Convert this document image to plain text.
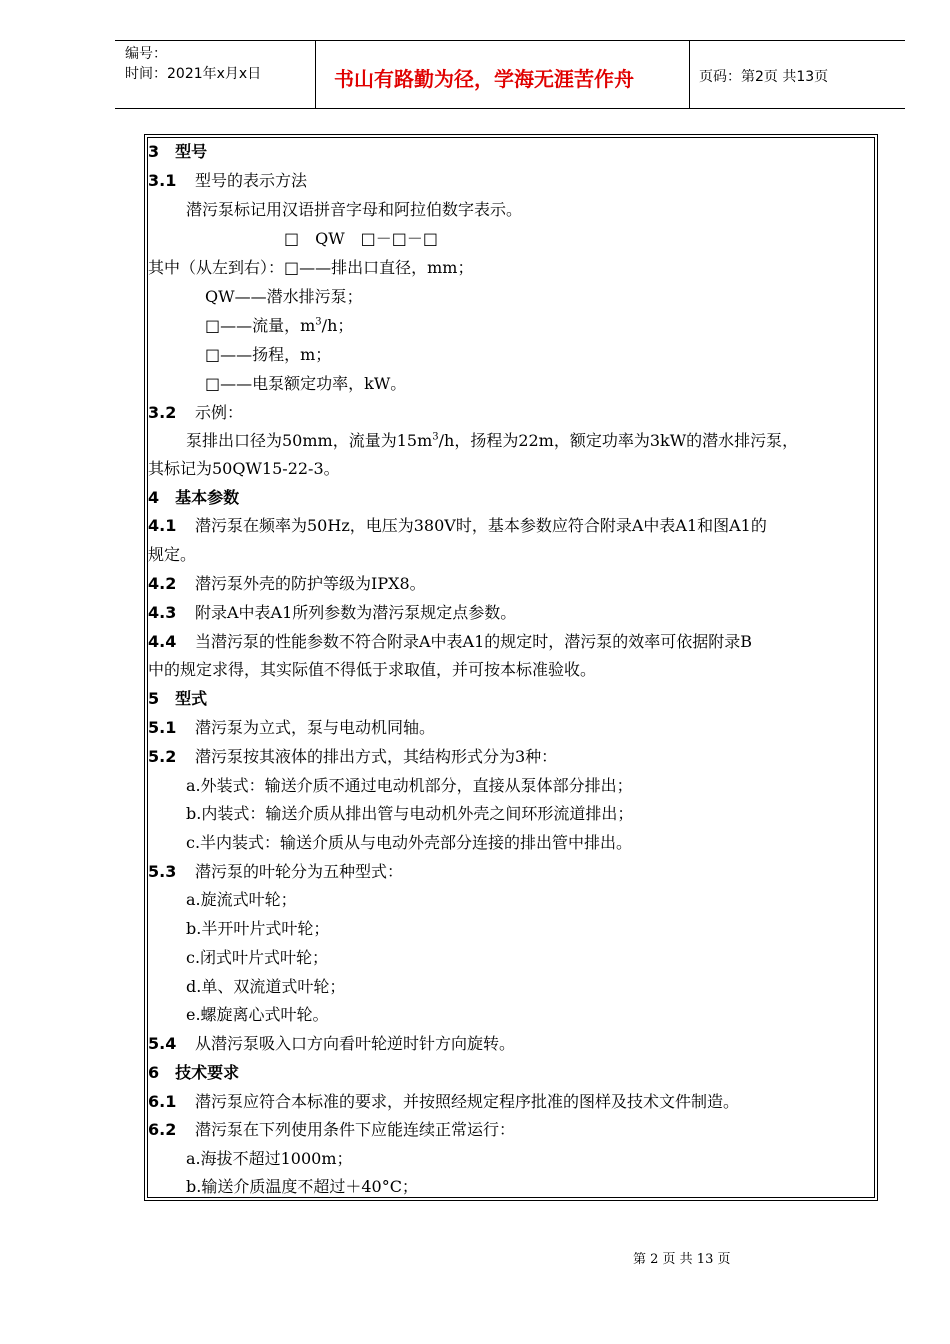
编号：
时间：2021年x月x日	书山有路勤为径，学海无涯苦作舟	页码：第2页 共13页
3　型号
3.1 型号的表示方法
潜污泵标记用汉语拼音字母和阿拉伯数字表示。
□　QW　□－□－□
其中（从左到右）：□——排出口直径，mm；
QW——潜水排污泵；
□——流量，$m^3/h$；
□——扬程，m；
□——电泵额定功率，kW。
3.2 示例：
泵排出口径为50mm，流量为$15m^3/h$，扬程为22m，额定功率为3kW的潜水排污泵，
其标记为50QW15-22-3。
4　基本参数
4.1 潜污泵在频率为50Hz，电压为380V时，基本参数应符合附录A中表A1和图A1的
规定。
4.2 潜污泵外壳的防护等级为IPX8。
4.3 附录A中表A1所列参数为潜污泵规定点参数。
4.4 当潜污泵的性能参数不符合附录A中表A1的规定时，潜污泵的效率可依据附录B
中的规定求得，其实际值不得低于求取值，并可按本标准验收。
5　型式
5.1 潜污泵为立式，泵与电动机同轴。
5.2 潜污泵按其液体的排出方式，其结构形式分为3种：
a.外装式：输送介质不通过电动机部分，直接从泵体部分排出；
b.内装式：输送介质从排出管与电动机外壳之间环形流道排出；
c.半内装式：输送介质从与电动外壳部分连接的排出管中排出。
5.3 潜污泵的叶轮分为五种型式：
a.旋流式叶轮；
b.半开叶片式叶轮；
c.闭式叶片式叶轮；
d.单、双流道式叶轮；
e.螺旋离心式叶轮。
5.4 从潜污泵吸入口方向看叶轮逆时针方向旋转。
6　技术要求
6.1 潜污泵应符合本标准的要求，并按照经规定程序批准的图样及技术文件制造。
6.2 潜污泵在下列使用条件下应能连续正常运行：
a.海拔不超过1000m；
b.输送介质温度不超过＋40°C；
第 2 页 共 13 页
